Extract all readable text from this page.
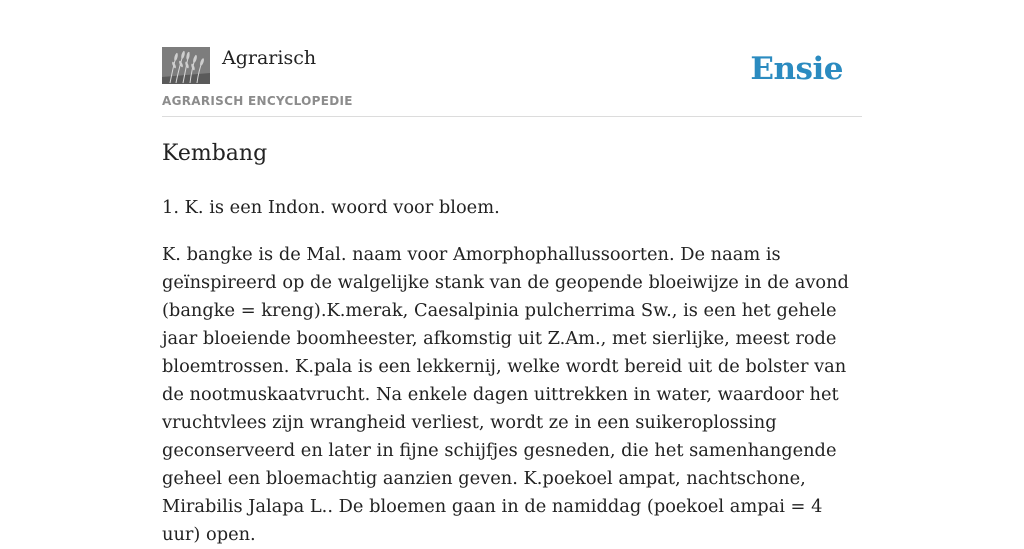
Agrarisch
AGRARISCH ENCYCLOPEDIE
Ensie
Kembang

1. K. is een Indon. woord voor bloem.

K. bangke is de Mal. naam voor Amorphophallussoorten. De naam is geïnspireerd op de walgelijke stank van de geopende bloeiwijze in de avond (bangke = kreng).K.merak, Caesalpinia pulcherrima Sw., is een het gehele jaar bloeiende boomheester, afkomstig uit Z.Am., met sierlijke, meest rode bloemtrossen. K.pala is een lekkernij, welke wordt bereid uit de bolster van de nootmuskaatvrucht. Na enkele dagen uittrekken in water, waardoor het vruchtvlees zijn wrangheid verliest, wordt ze in een suikeroplossing geconserveerd en later in fijne schijfjes gesneden, die het samenhangende geheel een bloemachtig aanzien geven. K.poekoel ampat, nachtschone, Mirabilis Jalapa L.. De bloemen gaan in de namiddag (poekoel ampai = 4 uur) open.
